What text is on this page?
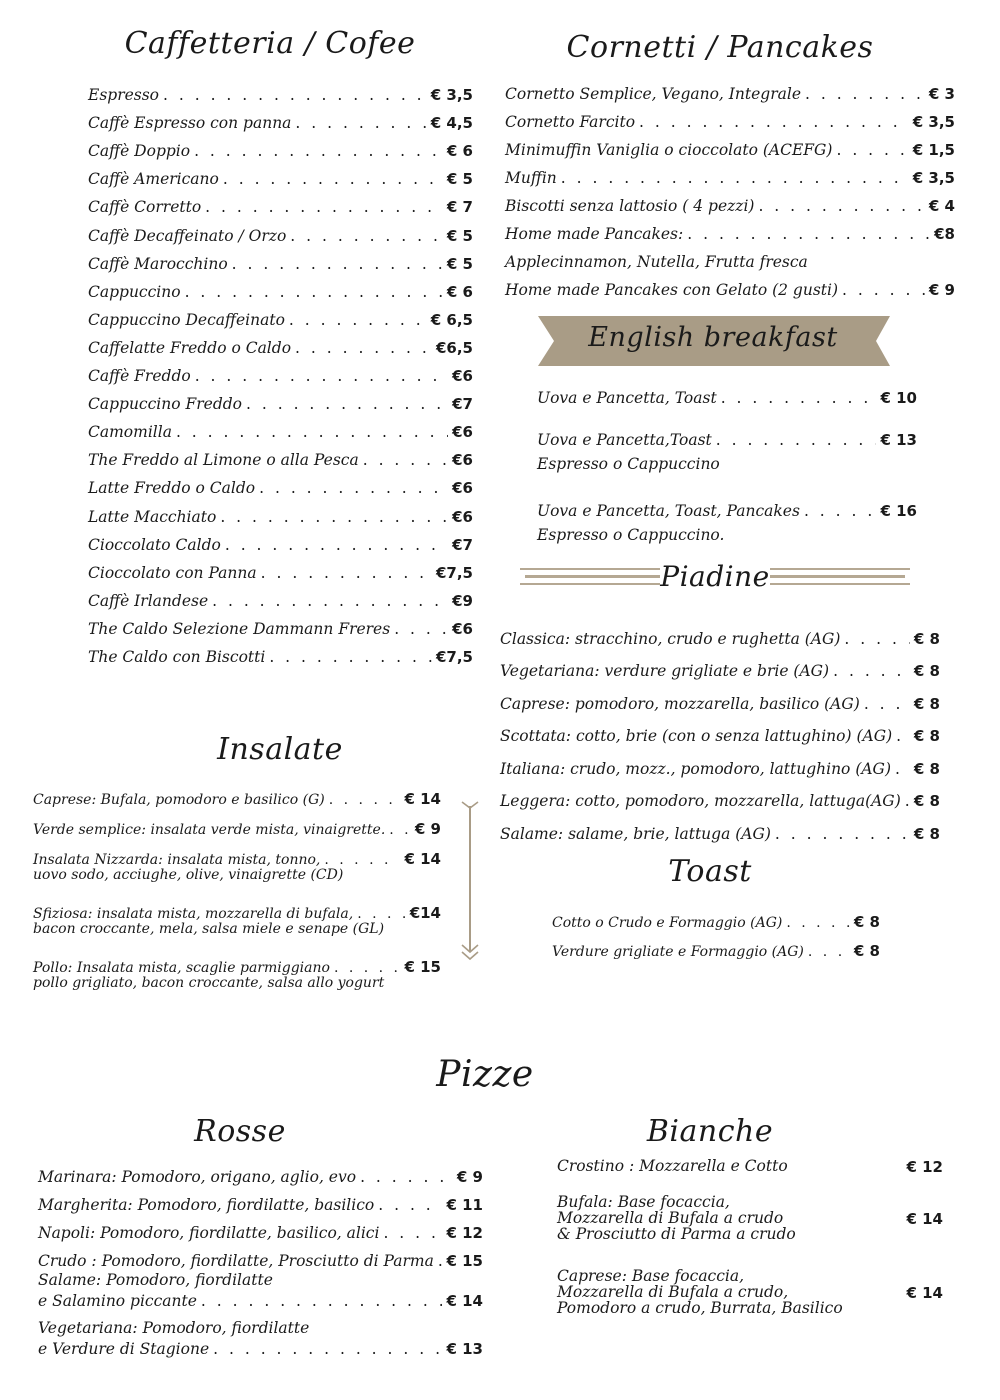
Caffetteria / Cofee
Espresso . . .	€ 3,5
Caffè Espresso con panna . . .	€ 4,5
Caffè Doppio . . .	€ 6
Caffè Americano . . .	€ 5
Caffè Corretto . . .	€ 7
Caffè Decaffeinato / Orzo . . .	€ 5
Caffè Marocchino . . .	€ 5
Cappuccino . . .	€ 6
Cappuccino Decaffeinato . . .	€ 6,5
Caffelatte Freddo o Caldo . . .	€6,5
Caffè Freddo . . .	€6
Cappuccino Freddo . . .	€7
Camomilla . . .	€6
The Freddo al Limone o alla Pesca . . .	€6
Latte Freddo o Caldo . . .	€6
Latte Macchiato . . .	€6
Cioccolato Caldo . . .	€7
Cioccolato con Panna . . .	€7,5
Caffè Irlandese . . .	€9
The Caldo Selezione Dammann Freres . . .	€6
The Caldo con Biscotti . . .	€7,5
Cornetti / Pancakes
Cornetto Semplice, Vegano, Integrale . . .	€ 3
Cornetto Farcito . . .	€ 3,5
Minimuffin Vaniglia o cioccolato (ACEFG) . . .	€ 1,5
Muffin . . .	€ 3,5
Biscotti senza lattosio ( 4 pezzi) . . .	€ 4
Home made Pancakes: . . .	€8
Applecinnamon, Nutella, Frutta fresca
Home made Pancakes con Gelato (2 gusti) . . .	€ 9
English breakfast
Uova e Pancetta, Toast . . .	€ 10
Uova e Pancetta,Toast . . .	€ 13
Espresso o Cappuccino
Uova e Pancetta, Toast, Pancakes . . .	€ 16
Espresso o Cappuccino.
Piadine
Classica: stracchino, crudo e rughetta (AG) . . .	€ 8
Vegetariana: verdure grigliate e brie (AG) . . .	€ 8
Caprese: pomodoro, mozzarella, basilico (AG) . . .	€ 8
Scottata: cotto, brie (con o senza lattughino) (AG) . . . € 8
Italiana: crudo, mozz., pomodoro, lattughino (AG) . . . € 8
Leggera: cotto, pomodoro, mozzarella, lattuga(AG) . . . € 8
Salame: salame, brie, lattuga (AG) . . .	€ 8
Insalate
Caprese: Bufala, pomodoro e basilico (G) . . .	€ 14
Verde semplice: insalata verde mista, vinaigrette. . . . € 9
Insalata Nizzarda: insalata mista, tonno, . . .	€ 14
uovo sodo, acciughe, olive, vinaigrette (CD)
Sfiziosa: insalata mista, mozzarella di bufala, . . .	€14
bacon croccante, mela, salsa miele e senape (GL)
Pollo: Insalata mista, scaglie parmiggiano . . .	€ 15
pollo grigliato, bacon croccante, salsa allo yogurt
Toast
Cotto o Crudo e Formaggio (AG) . . .	€ 8
Verdure grigliate e Formaggio (AG) . . .	€ 8
Pizze
Rosse	Bianche
Marinara: Pomodoro, origano, aglio, evo . . .	€ 9
Margherita: Pomodoro, fiordilatte, basilico . . .	€ 11
Napoli: Pomodoro, fiordilatte, basilico, alici . . .	€ 12
Crudo : Pomodoro, fiordilatte, Prosciutto di Parma . . . € 15
Salame: Pomodoro, fiordilatte
e Salamino piccante . . .	€ 14
Vegetariana: Pomodoro, fiordilatte
e Verdure di Stagione . . .	€ 13
Crostino : Mozzarella e Cotto	€ 12
Bufala: Base focaccia,
Mozzarella di Bufala a crudo
& Prosciutto di Parma a crudo
€ 14
Caprese: Base focaccia,
Mozzarella di Bufala a crudo,
Pomodoro a crudo, Burrata, Basilico
€ 14
